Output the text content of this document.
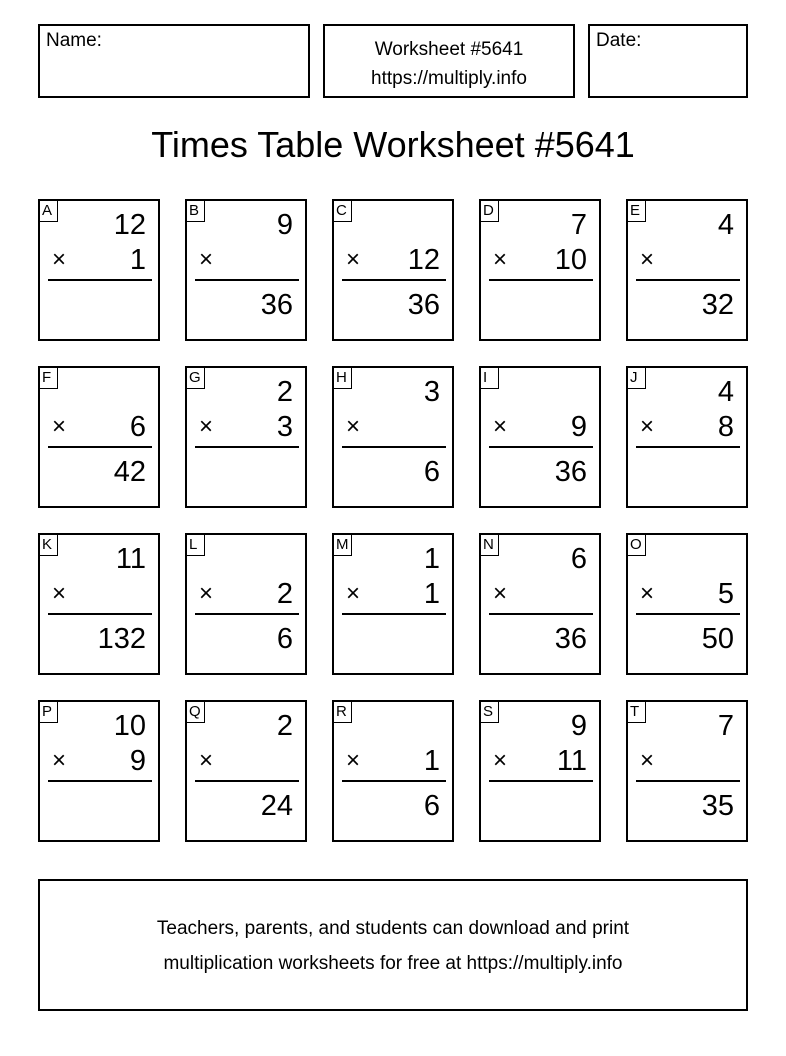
Name:	Worksheet #5641
https://multiply.info
Date:
Times Table Worksheet #5641
A 12
× 1
B	9
×
36
C
× 12
36
D	7
× 10
E	4
×
32
F
× 6
42
G	2
× 3
H	3
×
6
I
× 9
36
J	4
× 8
K 11
×
132
L
× 2
6
M	1
× 1
N	6
×
36
O
× 5
50
P 10
× 9
Q	2
×
24
R
× 1
6
S	9
× 11
T	7
×
35
Teachers, parents, and students can download and print
multiplication worksheets for free at https://multiply.info
